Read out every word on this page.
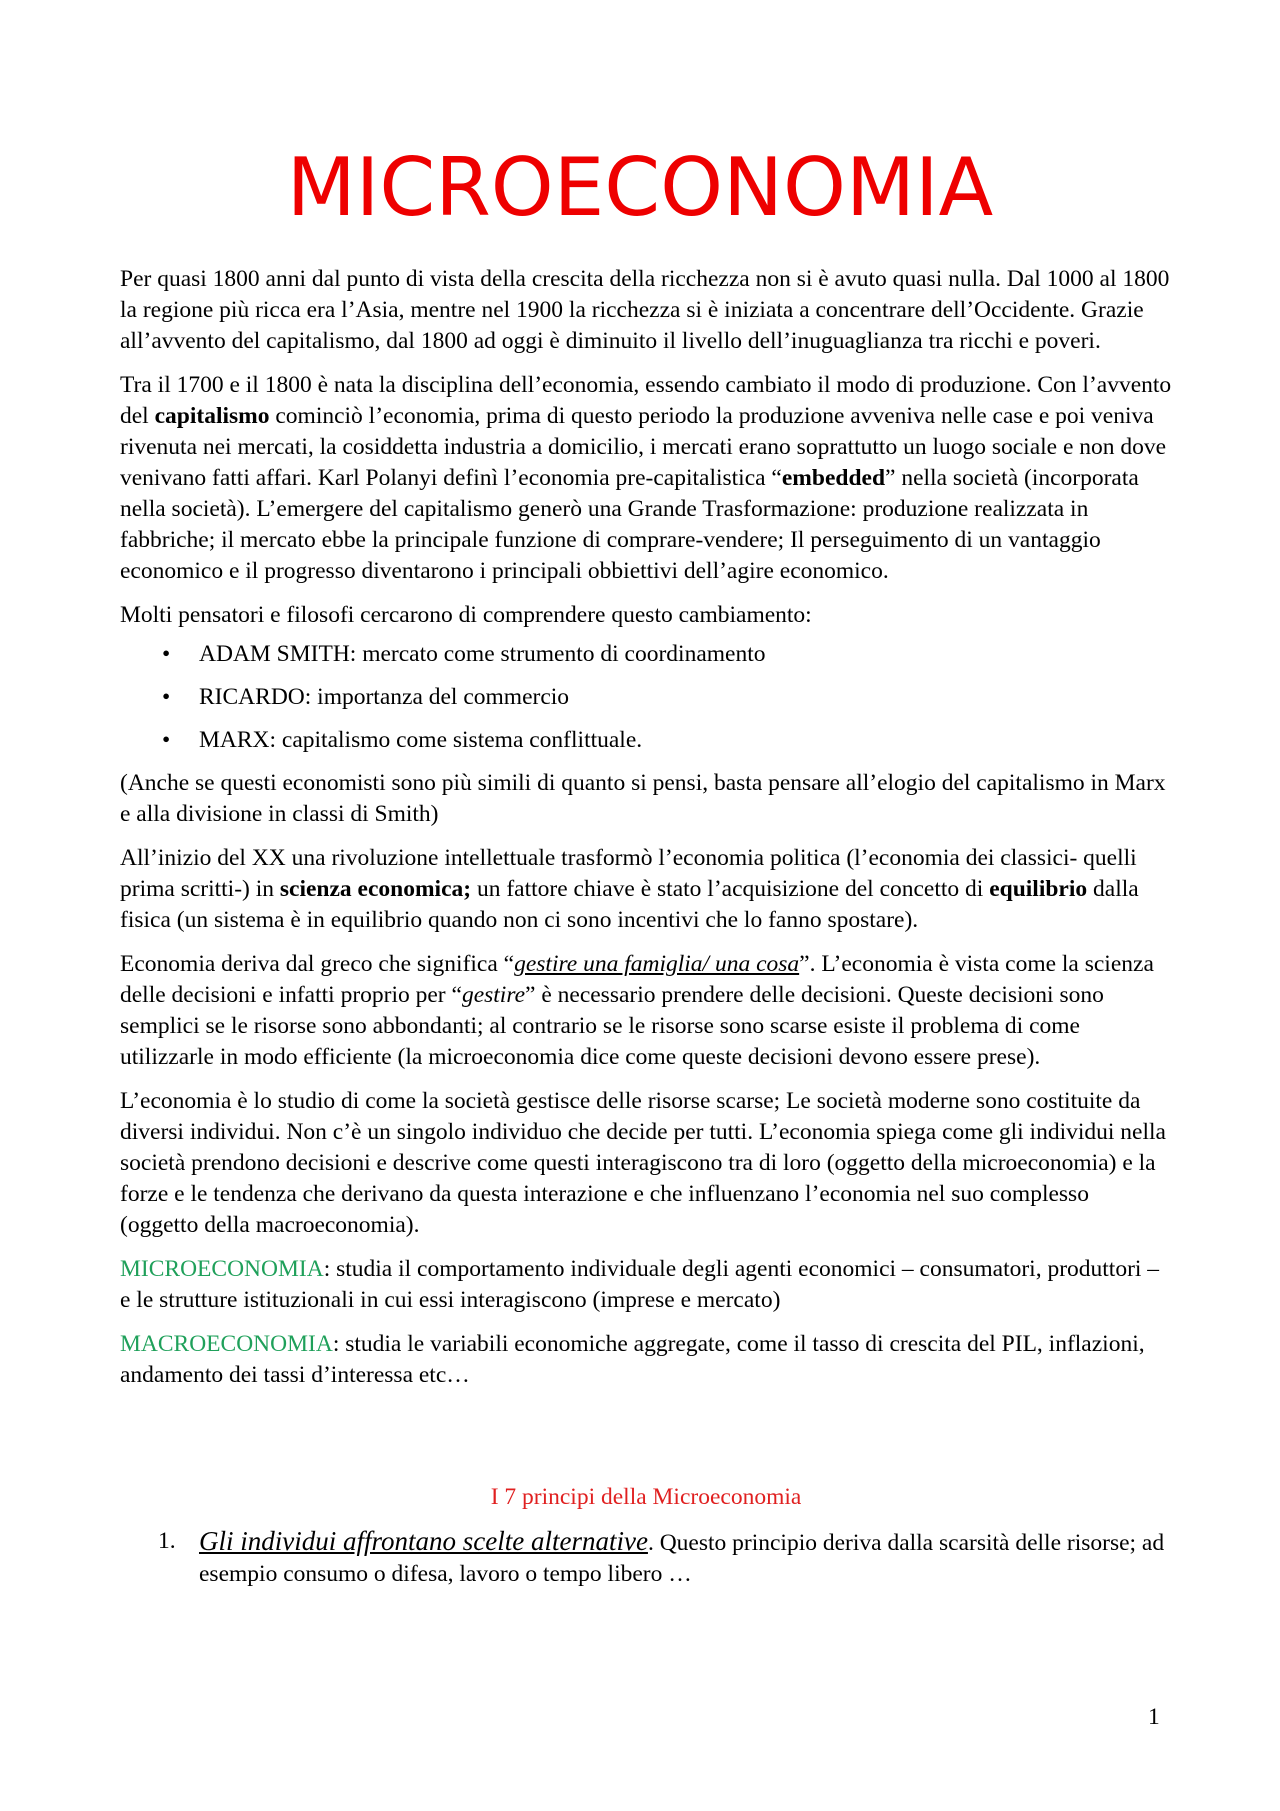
MICROECONOMIA

Per quasi 1800 anni dal punto di vista della crescita della ricchezza non si è avuto quasi nulla. Dal 1000 al 1800 la regione più ricca era l’Asia, mentre nel 1900 la ricchezza si è iniziata a concentrare dell’Occidente. Grazie all’avvento del capitalismo, dal 1800 ad oggi è diminuito il livello dell’inuguaglianza tra ricchi e poveri.

Tra il 1700 e il 1800 è nata la disciplina dell’economia, essendo cambiato il modo di produzione. Con l’avvento del capitalismo cominciò l’economia, prima di questo periodo la produzione avveniva nelle case e poi veniva rivenuta nei mercati, la cosiddetta industria a domicilio, i mercati erano soprattutto un luogo sociale e non dove venivano fatti affari. Karl Polanyi definì l’economia pre-capitalistica “embedded” nella società (incorporata nella società). L’emergere del capitalismo generò una Grande Trasformazione: produzione realizzata in fabbriche; il mercato ebbe la principale funzione di comprare-vendere; Il perseguimento di un vantaggio economico e il progresso diventarono i principali obbiettivi dell’agire economico.

Molti pensatori e filosofi cercarono di comprendere questo cambiamento:

• ADAM SMITH: mercato come strumento di coordinamento
• RICARDO: importanza del commercio
• MARX: capitalismo come sistema conflittuale.

(Anche se questi economisti sono più simili di quanto si pensi, basta pensare all’elogio del capitalismo in Marx e alla divisione in classi di Smith)

All’inizio del XX una rivoluzione intellettuale trasformò l’economia politica (l’economia dei classici- quelli prima scritti-) in scienza economica; un fattore chiave è stato l’acquisizione del concetto di equilibrio dalla fisica (un sistema è in equilibrio quando non ci sono incentivi che lo fanno spostare).

Economia deriva dal greco che significa “gestire una famiglia/ una cosa”. L’economia è vista come la scienza delle decisioni e infatti proprio per “gestire” è necessario prendere delle decisioni. Queste decisioni sono semplici se le risorse sono abbondanti; al contrario se le risorse sono scarse esiste il problema di come utilizzarle in modo efficiente (la microeconomia dice come queste decisioni devono essere prese).

L’economia è lo studio di come la società gestisce delle risorse scarse; Le società moderne sono costituite da diversi individui. Non c’è un singolo individuo che decide per tutti. L’economia spiega come gli individui nella società prendono decisioni e descrive come questi interagiscono tra di loro (oggetto della microeconomia) e la forze e le tendenza che derivano da questa interazione e che influenzano l’economia nel suo complesso (oggetto della macroeconomia).

MICROECONOMIA: studia il comportamento individuale degli agenti economici – consumatori, produttori – e le strutture istituzionali in cui essi interagiscono (imprese e mercato)

MACROECONOMIA: studia le variabili economiche aggregate, come il tasso di crescita del PIL, inflazioni, andamento dei tassi d’interessa etc…

I 7 principi della Microeconomia

1. Gli individui affrontano scelte alternative. Questo principio deriva dalla scarsità delle risorse; ad esempio consumo o difesa, lavoro o tempo libero …

1
